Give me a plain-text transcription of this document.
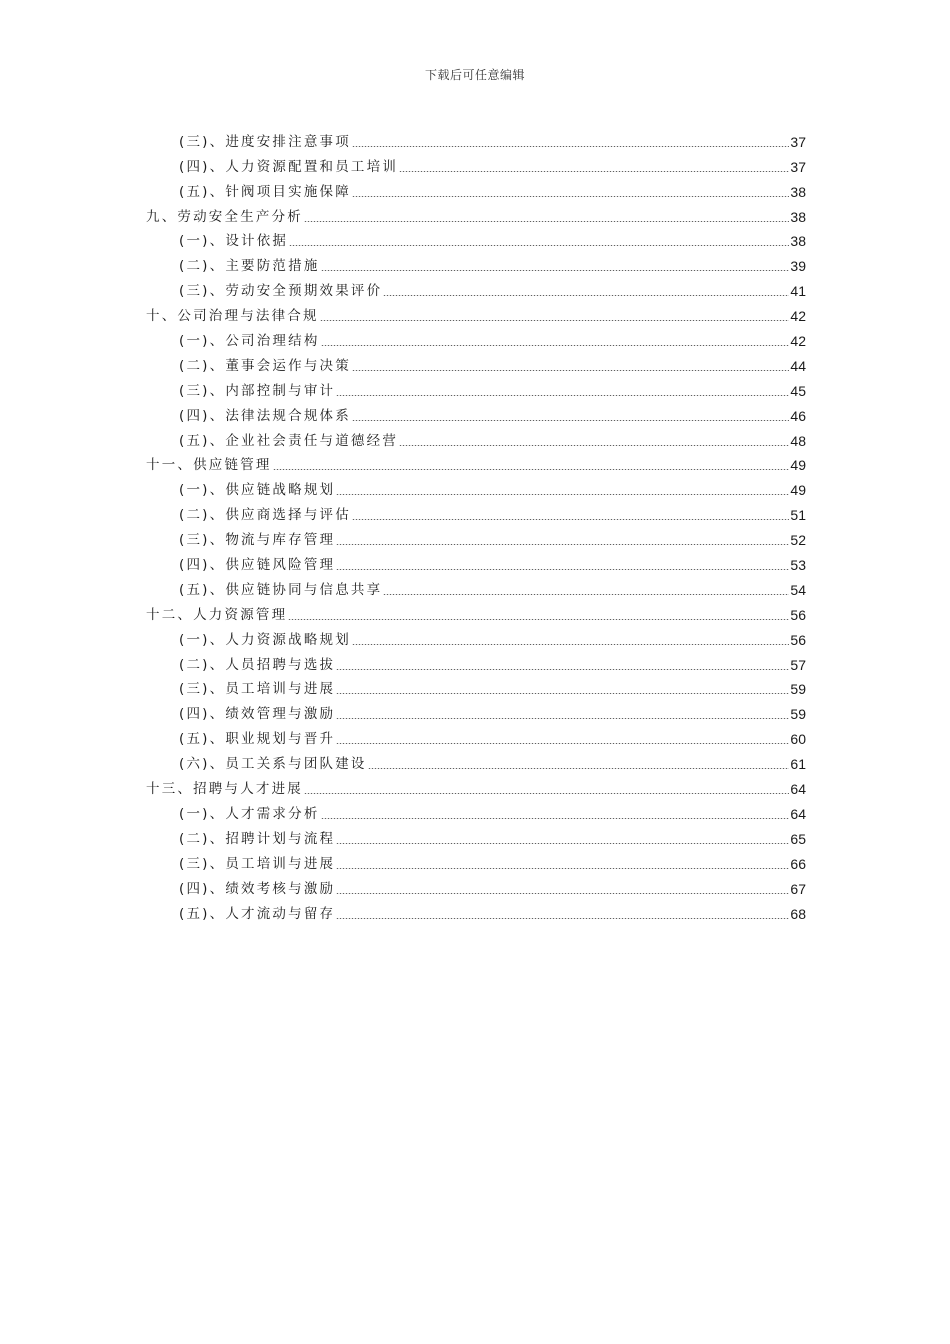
下载后可任意编辑
(三)、进度安排注意事项	37
(四)、人力资源配置和员工培训	37
(五)、针阀项目实施保障	38
九、劳动安全生产分析	38
(一)、设计依据	38
(二)、主要防范措施	39
(三)、劳动安全预期效果评价	41
十、公司治理与法律合规	42
(一)、公司治理结构	42
(二)、董事会运作与决策	44
(三)、内部控制与审计	45
(四)、法律法规合规体系	46
(五)、企业社会责任与道德经营	48
十一、供应链管理	49
(一)、供应链战略规划	49
(二)、供应商选择与评估	51
(三)、物流与库存管理	52
(四)、供应链风险管理	53
(五)、供应链协同与信息共享	54
十二、人力资源管理	56
(一)、人力资源战略规划	56
(二)、人员招聘与选拔	57
(三)、员工培训与进展	59
(四)、绩效管理与激励	59
(五)、职业规划与晋升	60
(六)、员工关系与团队建设	61
十三、招聘与人才进展	64
(一)、人才需求分析	64
(二)、招聘计划与流程	65
(三)、员工培训与进展	66
(四)、绩效考核与激励	67
(五)、人才流动与留存	68
